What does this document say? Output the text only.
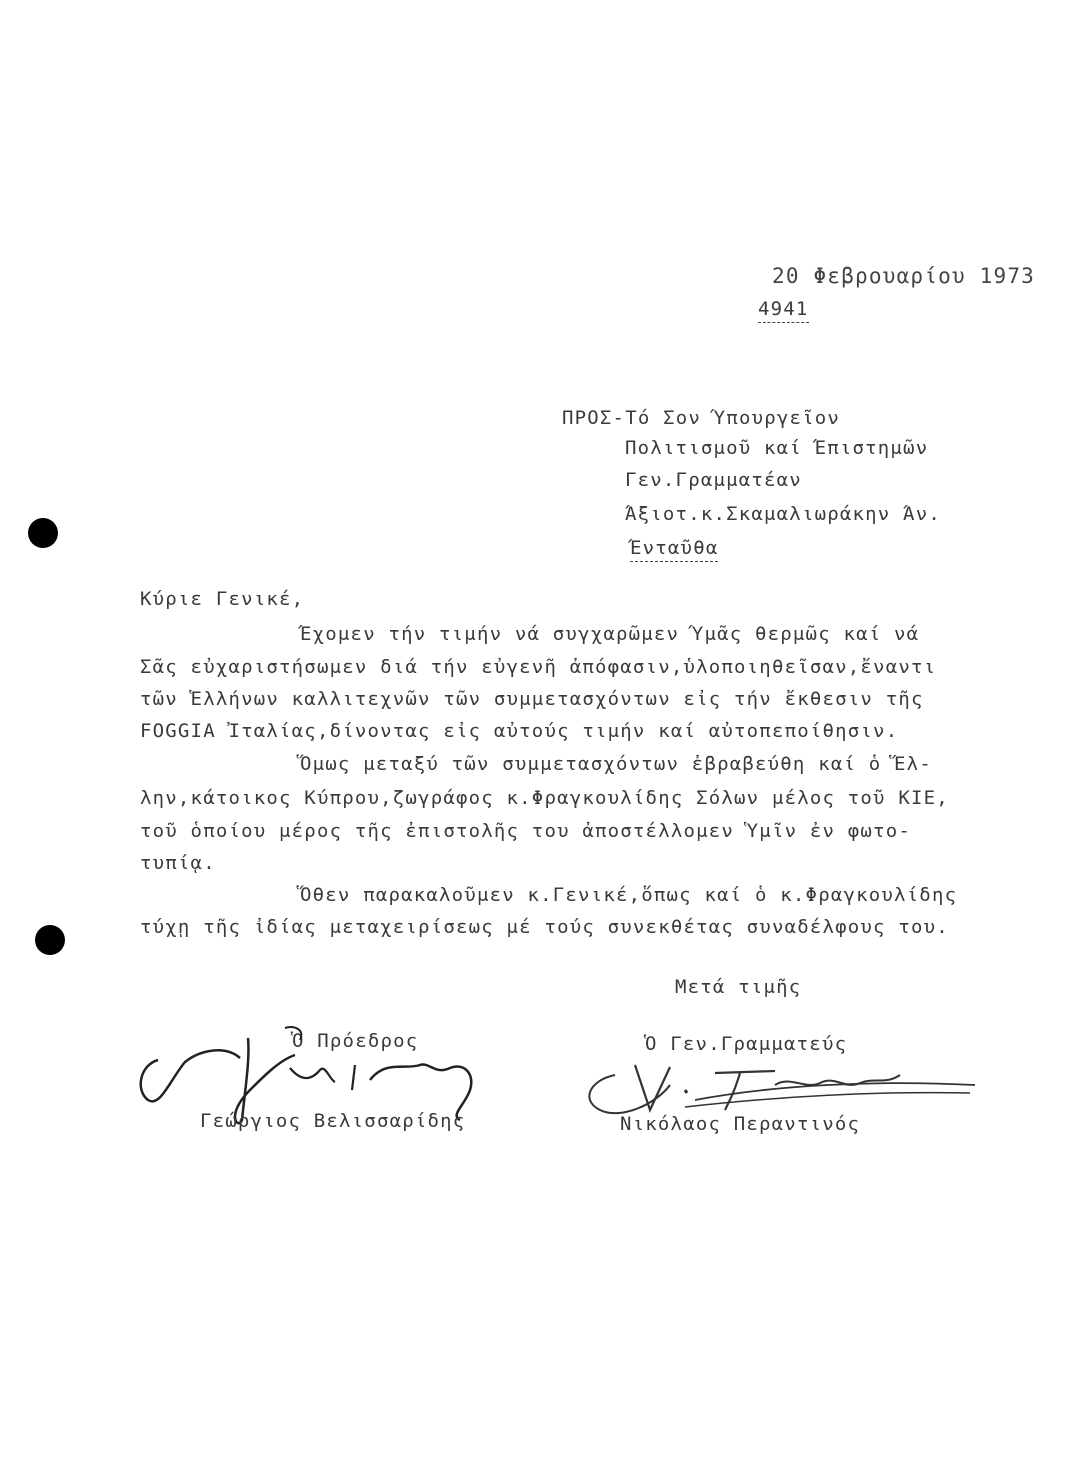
20 Φεβρουαρίου 1973
4941
ΠΡΟΣ-Τό Σον Ύπουργεῖον
Πολιτισμοῦ καί Έπιστημῶν
Γεν.Γραμματέαν
Άξιοτ.κ.Σκαμαλιωράκην Άν.
Ένταῦθα
Κύριε Γενικέ,
Έχομεν τήν τιμήν νά συγχαρῶμεν Ύμᾶς θερμῶς καί νά
Σᾶς εὐχαριστήσωμεν διά τήν εὐγενῆ ἀπόφασιν,ὑλοποιηθεῖσαν,ἔναντι
τῶν Ἑλλήνων καλλιτεχνῶν τῶν συμμετασχόντων εἰς τήν ἔκθεσιν τῆς
FOGGIA Ἰταλίας,δίνοντας εἰς αὐτούς τιμήν καί αὐτοπεποίθησιν.
Ὅμως μεταξύ τῶν συμμετασχόντων ἐβραβεύθη καί ὁ Ἕλ-
λην,κάτοικος Κύπρου,ζωγράφος κ.Φραγκουλίδης Σόλων μέλος τοῦ ΚΙΕ,
τοῦ ὁποίου μέρος τῆς ἐπιστολῆς του ἀποστέλλομεν Ὑμῖν ἐν φωτο-
τυπίᾳ.
Ὅθεν παρακαλοῦμεν κ.Γενικέ,ὅπως καί ὁ κ.Φραγκουλίδης
τύχῃ τῆς ἰδίας μεταχειρίσεως μέ τούς συνεκθέτας συναδέλφους του.
Μετά τιμῆς
Ὁ Πρόεδρος	Ὁ Γεν.Γραμματεύς
Γεώργιος Βελισσαρίδης	Νικόλαος Περαντινός
